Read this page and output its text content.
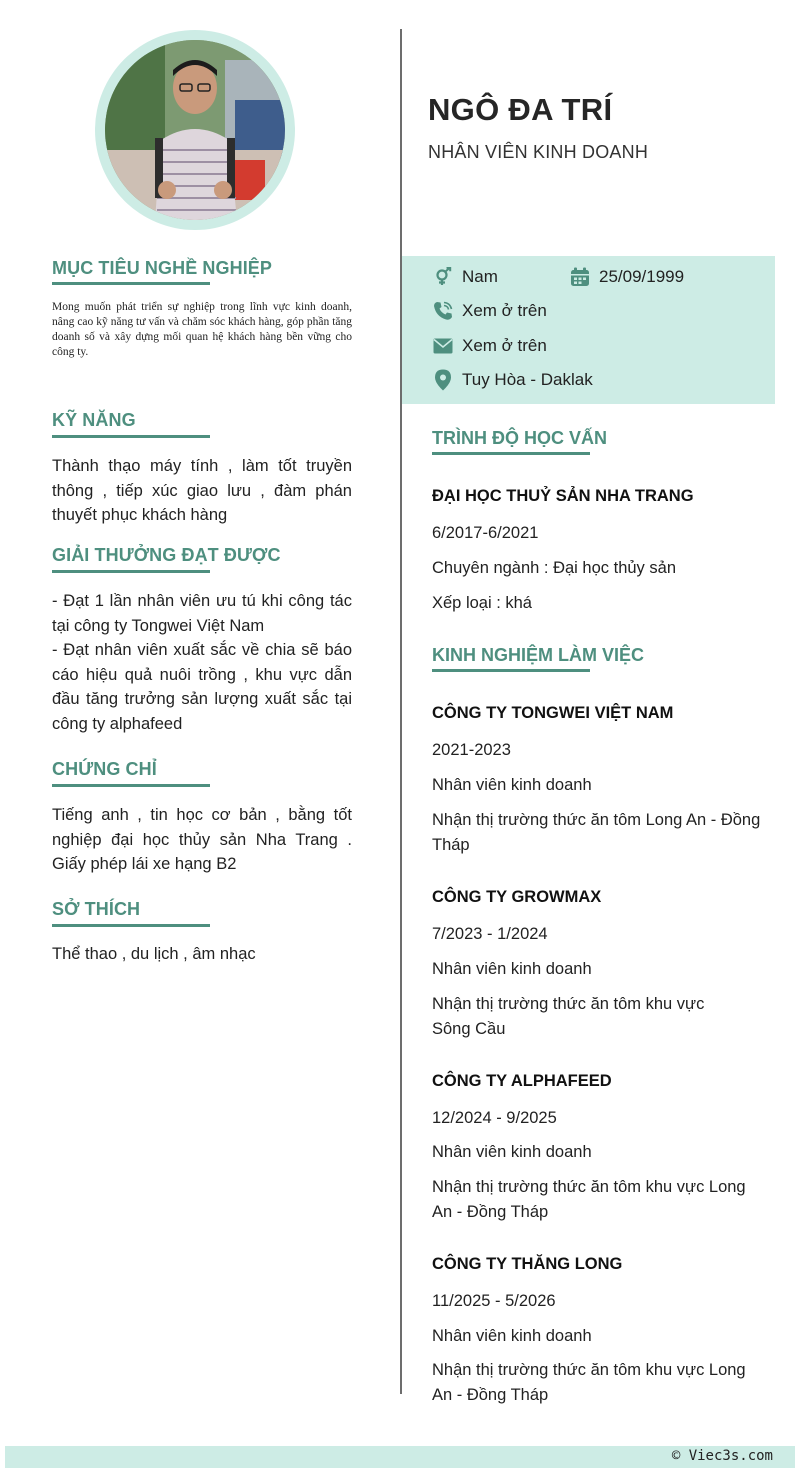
MỤC TIÊU NGHỀ NGHIỆP
Mong muốn phát triển sự nghiệp trong lĩnh vực kinh doanh, nâng cao kỹ năng tư vấn và chăm sóc khách hàng, góp phần tăng doanh số và xây dựng mối quan hệ khách hàng bền vững cho công ty.
KỸ NĂNG
Thành thạo máy tính , làm tốt truyền thông , tiếp xúc giao lưu , đàm phán thuyết phục khách hàng
GIẢI THƯỞNG ĐẠT ĐƯỢC
- Đạt 1 lần nhân viên ưu tú khi công tác tại công ty Tongwei Việt Nam
- Đạt nhân viên xuất sắc về chia sẽ báo cáo hiệu quả nuôi trồng , khu vực dẫn đầu tăng trưởng sản lượng xuất sắc tại công ty alphafeed
CHỨNG CHỈ
Tiếng anh , tin học cơ bản , bằng tốt nghiệp đại học thủy sản Nha Trang . Giấy phép lái xe hạng B2
SỞ THÍCH
Thể thao , du lịch , âm nhạc
NGÔ ĐA TRÍ
NHÂN VIÊN KINH DOANH
Nam	25/09/1999
Xem ở trên
Xem ở trên
Tuy Hòa - Daklak
TRÌNH ĐỘ HỌC VẤN
ĐẠI HỌC THUỶ SẢN NHA TRANG
6/2017-6/2021
Chuyên ngành : Đại học thủy sản
Xếp loại : khá
KINH NGHIỆM LÀM VIỆC
CÔNG TY TONGWEI VIỆT NAM
2021-2023
Nhân viên kinh doanh
Nhận thị trường thức ăn tôm Long An - Đồng Tháp
CÔNG TY GROWMAX
7/2023 - 1/2024
Nhân viên kinh doanh
Nhận thị trường thức ăn tôm khu vực Sông Cầu
CÔNG TY ALPHAFEED
12/2024 - 9/2025
Nhân viên kinh doanh
Nhận thị trường thức ăn tôm khu vực Long An - Đồng Tháp
CÔNG TY THĂNG LONG
11/2025 - 5/2026
Nhân viên kinh doanh
Nhận thị trường thức ăn tôm khu vực Long An - Đồng Tháp
© Viec3s.com
